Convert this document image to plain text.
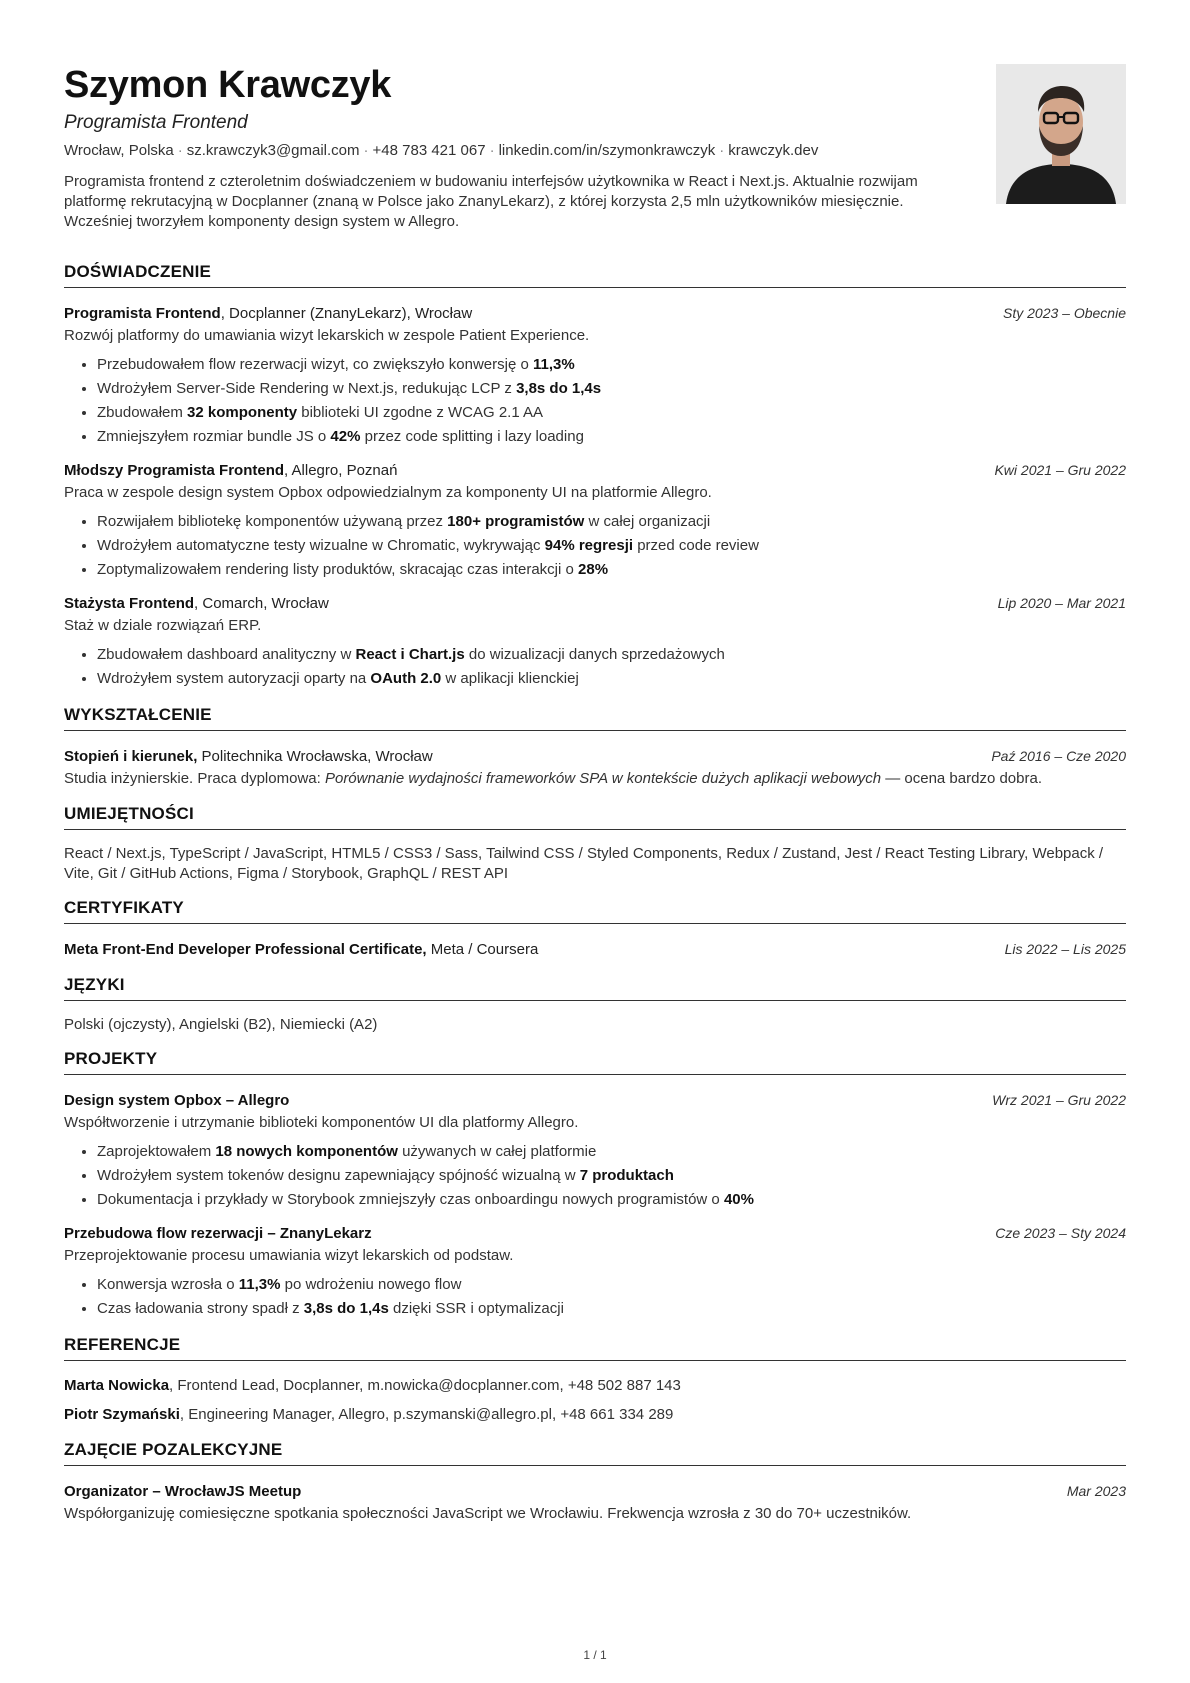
Szymon Krawczyk
Programista Frontend
Wrocław, Polska · sz.krawczyk3@gmail.com · +48 783 421 067 · linkedin.com/in/szymonkrawczyk · krawczyk.dev
Programista frontend z czteroletnim doświadczeniem w budowaniu interfejsów użytkownika w React i Next.js. Aktualnie rozwijam platformę rekrutacyjną w Docplanner (znaną w Polsce jako ZnanyLekarz), z której korzysta 2,5 mln użytkowników miesięcznie. Wcześniej tworzyłem komponenty design system w Allegro.
DOŚWIADCZENIE
Programista Frontend, Docplanner (ZnanyLekarz), Wrocław	Sty 2023 – Obecnie
Rozwój platformy do umawiania wizyt lekarskich w zespole Patient Experience.
• Przebudowałem flow rezerwacji wizyt, co zwiększyło konwersję o 11,3%
• Wdrożyłem Server-Side Rendering w Next.js, redukując LCP z 3,8s do 1,4s
• Zbudowałem 32 komponenty biblioteki UI zgodne z WCAG 2.1 AA
• Zmniejszyłem rozmiar bundle JS o 42% przez code splitting i lazy loading
Młodszy Programista Frontend, Allegro, Poznań	Kwi 2021 – Gru 2022
Praca w zespole design system Opbox odpowiedzialnym za komponenty UI na platformie Allegro.
• Rozwijałem bibliotekę komponentów używaną przez 180+ programistów w całej organizacji
• Wdrożyłem automatyczne testy wizualne w Chromatic, wykrywając 94% regresji przed code review
• Zoptymalizowałem rendering listy produktów, skracając czas interakcji o 28%
Stażysta Frontend, Comarch, Wrocław	Lip 2020 – Mar 2021
Staż w dziale rozwiązań ERP.
• Zbudowałem dashboard analityczny w React i Chart.js do wizualizacji danych sprzedażowych
• Wdrożyłem system autoryzacji oparty na OAuth 2.0 w aplikacji klienckiej
WYKSZTAŁCENIE
Stopień i kierunek, Politechnika Wrocławska, Wrocław	Paź 2016 – Cze 2020
Studia inżynierskie. Praca dyplomowa: Porównanie wydajności frameworków SPA w kontekście dużych aplikacji webowych — ocena bardzo dobra.
UMIEJĘTNOŚCI
React / Next.js, TypeScript / JavaScript, HTML5 / CSS3 / Sass, Tailwind CSS / Styled Components, Redux / Zustand, Jest / React Testing Library, Webpack / Vite, Git / GitHub Actions, Figma / Storybook, GraphQL / REST API
CERTYFIKATY
Meta Front-End Developer Professional Certificate, Meta / Coursera	Lis 2022 – Lis 2025
JĘZYKI
Polski (ojczysty), Angielski (B2), Niemiecki (A2)
PROJEKTY
Design system Opbox – Allegro	Wrz 2021 – Gru 2022
Współtworzenie i utrzymanie biblioteki komponentów UI dla platformy Allegro.
• Zaprojektowałem 18 nowych komponentów używanych w całej platformie
• Wdrożyłem system tokenów designu zapewniający spójność wizualną w 7 produktach
• Dokumentacja i przykłady w Storybook zmniejszyły czas onboardingu nowych programistów o 40%
Przebudowa flow rezerwacji – ZnanyLekarz	Cze 2023 – Sty 2024
Przeprojektowanie procesu umawiania wizyt lekarskich od podstaw.
• Konwersja wzrosła o 11,3% po wdrożeniu nowego flow
• Czas ładowania strony spadł z 3,8s do 1,4s dzięki SSR i optymalizacji
REFERENCJE
Marta Nowicka, Frontend Lead, Docplanner, m.nowicka@docplanner.com, +48 502 887 143
Piotr Szymański, Engineering Manager, Allegro, p.szymanski@allegro.pl, +48 661 334 289
ZAJĘCIE POZALEKCYJNE
Organizator – WrocławJS Meetup	Mar 2023
Współorganizuję comiesięczne spotkania społeczności JavaScript we Wrocławiu. Frekwencja wzrosła z 30 do 70+ uczestników.
1 / 1
